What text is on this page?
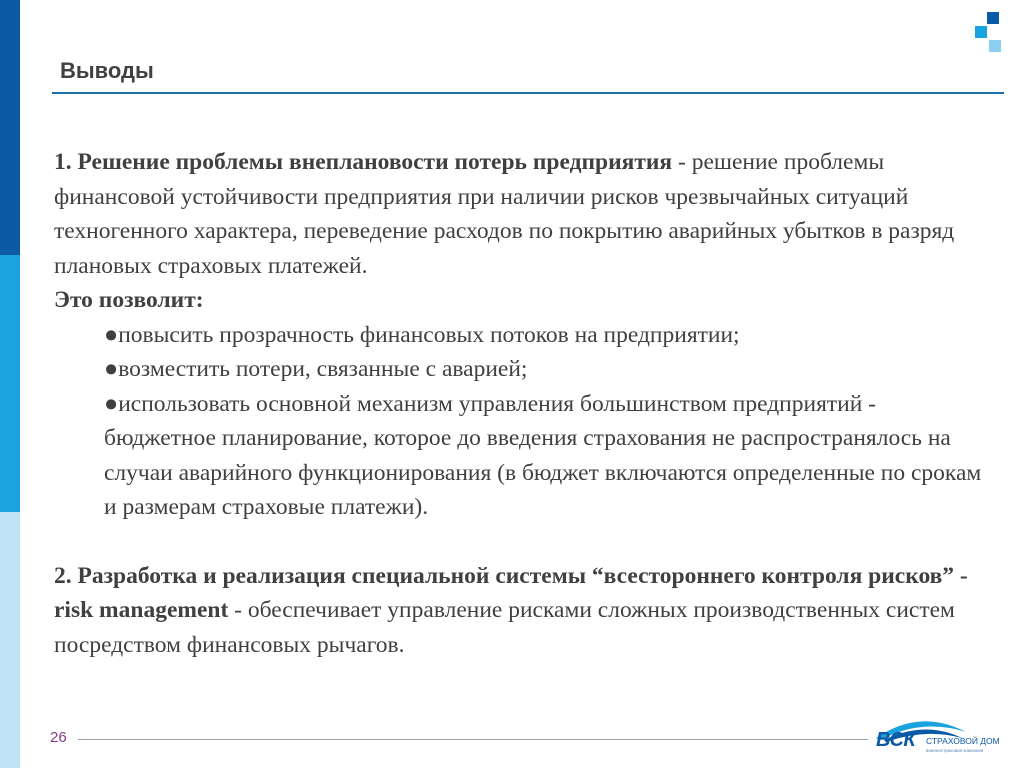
Выводы

1. Решение проблемы внеплановости потерь предприятия - решение проблемы финансовой устойчивости предприятия при наличии рисков чрезвычайных ситуаций техногенного характера, переведение расходов по покрытию аварийных убытков в разряд плановых страховых платежей.

Это позволит:

●повысить прозрачность финансовых потоков на предприятии;
●возместить потери, связанные с аварией;
●использовать основной механизм управления большинством предприятий - бюджетное планирование, которое до введения страхования не распространялось на случаи аварийного функционирования (в бюджет включаются определенные по срокам и размерам страховые платежи).

2. Разработка и реализация специальной системы “всестороннего контроля рисков” - risk management - обеспечивает управление рисками сложных производственных систем посредством финансовых рычагов.

26	ВСК СТРАХОВОЙ ДОМ
военностраховая компания
